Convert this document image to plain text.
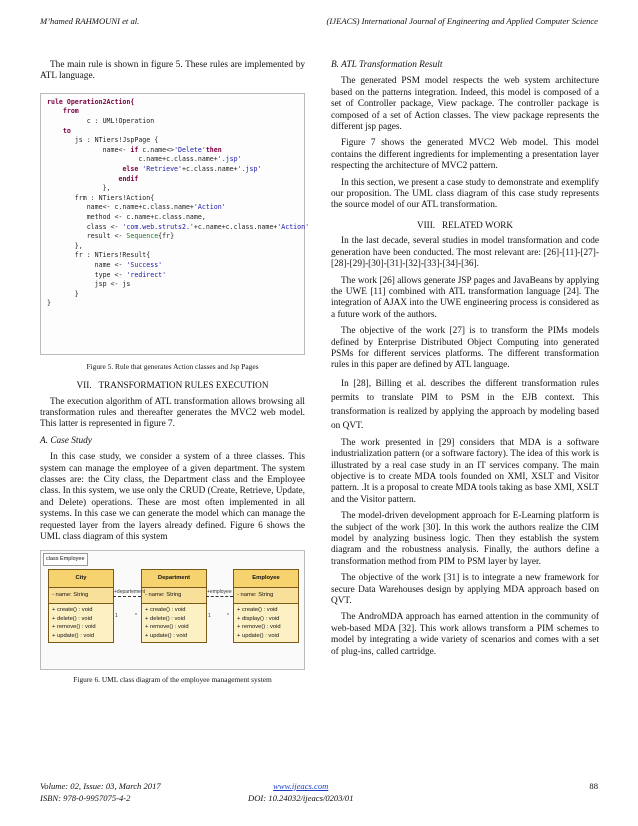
M’hamed RAHMOUNI et al.	(IJEACS) International Journal of Engineering and Applied Computer Science

The main rule is shown in figure 5. These rules are implemented by ATL language.

rule Operation2Action{
from
c : UML!Operation
to
js : NTiers!JspPage {
name<- if c.name<>'Delete'then
c.name+c.class.name+'.jsp'
else 'Retrieve'+c.class.name+'.jsp'
endif
},
frm : NTiers!Action{
name<- c.name+c.class.name+'Action'
method <- c.name+c.class.name,
class <- 'com.web.struts2.'+c.name+c.class.name+'Action'
result <- Sequence{fr}
},
fr : NTiers!Result{
name <- 'Success'
type <- 'redirect'
jsp <- js
}
}
Figure 5. Rule that generates Action classes and Jsp Pages
VII. TRANSFORMATION RULES EXECUTION

The execution algorithm of ATL transformation allows browsing all transformation rules and thereafter generates the MVC2 web model. This latter is represented in figure 7.

A. Case Study

In this case study, we consider a system of a three classes. This system can manage the employee of a given department. The system classes are: the City class, the Department class and the Employee class. In this system, we use only the CRUD (Create, Retrieve, Update, and Delete) operations. These are most often implemented in all systems. In this case we can generate the model which can manage the requested layer from the layers already defined. Figure 6 shows the UML class diagram of this system

class Employee
City
- name: String
+ create() : void
+ delete() : void
+ remove() : void
+ update() : void
Department
- name: String
+ create() : void
+ delete() : void
+ remove() : void
+ update() : void
Employee
- name: String
+ create() : void
+ display() : void
+ remove() : void
+ update() : void
+departement	+employee
1	*	1	*
Figure 6. UML class diagram of the employee management system
B. ATL Transformation Result

The generated PSM model respects the web system architecture based on the patterns integration. Indeed, this model is composed of a set of Controller package, View package. The controller package is composed of a set of Action classes. The view package represents the different jsp pages.

Figure 7 shows the generated MVC2 Web model. This model contains the different ingredients for implementing a presentation layer respecting the architecture of MVC2 pattern.

In this section, we present a case study to demonstrate and exemplify our proposition. The UML class diagram of this case study represents the source model of our ATL transformation.

VIII. RELATED WORK

In the last decade, several studies in model transformation and code generation have been conducted. The most relevant are: [26]-[11]-[27]-[28]-[29]-[30]-[31]-[32]-[33]-[34]-[36].

The work [26] allows generate JSP pages and JavaBeans by applying the UWE [11] combined with ATL transformation language [24]. The integration of AJAX into the UWE engineering process is considered as a future work of the authors.

The objective of the work [27] is to transform the PIMs models defined by Enterprise Distributed Object Computing into generated PSMs for different services platforms. The different transformation rules in this paper are defined by ATL language.

In [28], Billing et al. describes the different transformation rules permits to translate PIM to PSM in the EJB context. This transformation is realized by applying the approach by modeling based on QVT.

The work presented in [29] considers that MDA is a software industrialization pattern (or a software factory). The idea of this work is illustrated by a real case study in an IT services company. The main objective is to create MDA tools founded on XMI, XSLT and Visitor pattern. .It is a proposal to create MDA tools taking as base XMI, XSLT and the Visitor pattern.

The model-driven development approach for E-Learning platform is the subject of the work [30]. In this work the authors realize the CIM model by analyzing business logic. Then they establish the system diagram and the robustness analysis. Finally, the authors define a transformation method from PIM to PSM layer by layer.

The objective of the work [31] is to integrate a new framework for secure Data Warehouses design by applying MDA approach based on QVT.

The AndroMDA approach has earned attention in the community of web-based MDA [32]. This work allows transform a PIM schemes to model by integrating a wide variety of scenarios and comes with a set of plug-ins, called cartridge.

Volume: 02, Issue: 03, March 2017
ISBN: 978-0-9957075-4-2
www.ijeacs.com
DOI: 10.24032/ijeacs/0203/01
88
